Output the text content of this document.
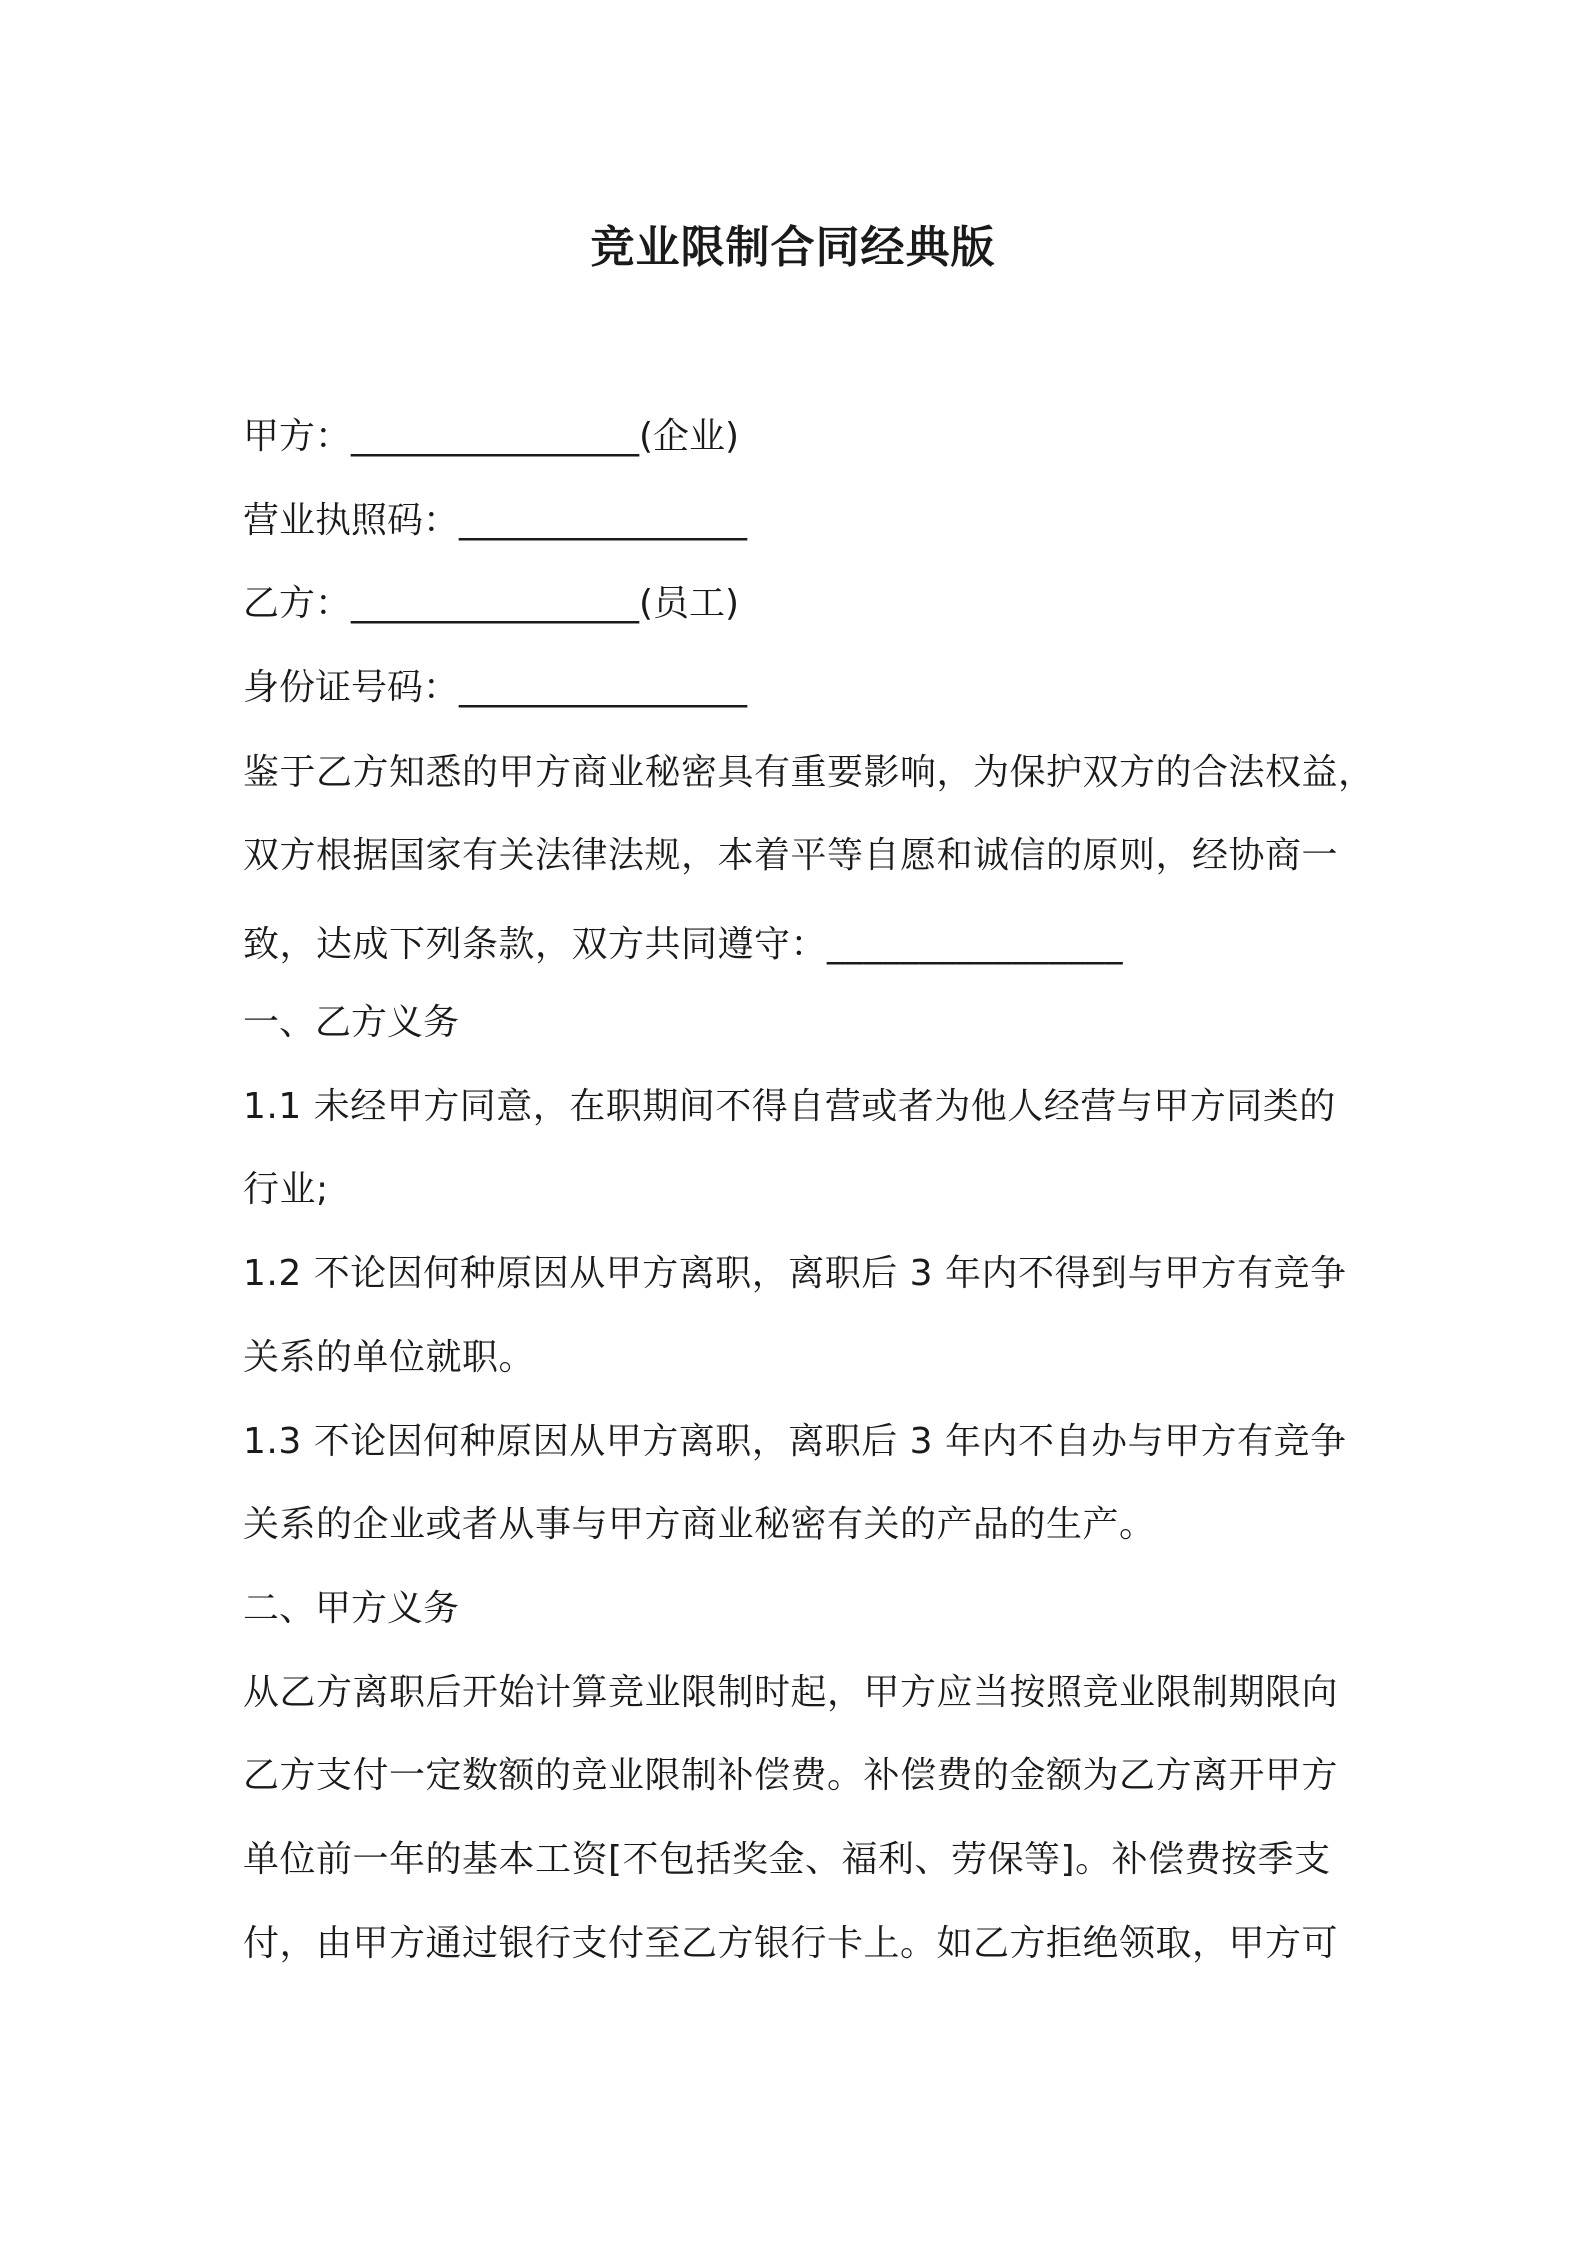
竞业限制合同经典版
甲方：________________(企业)
营业执照码：________________
乙方：________________(员工)
身份证号码：________________
鉴于乙方知悉的甲方商业秘密具有重要影响，为保护双方的合法权益，
双方根据国家有关法律法规，本着平等自愿和诚信的原则，经协商一
致，达成下列条款，双方共同遵守：________________
一、乙方义务
1.1 未经甲方同意，在职期间不得自营或者为他人经营与甲方同类的
行业;
1.2 不论因何种原因从甲方离职，离职后 3 年内不得到与甲方有竞争
关系的单位就职。
1.3 不论因何种原因从甲方离职，离职后 3 年内不自办与甲方有竞争
关系的企业或者从事与甲方商业秘密有关的产品的生产。
二、甲方义务
从乙方离职后开始计算竞业限制时起，甲方应当按照竞业限制期限向
乙方支付一定数额的竞业限制补偿费。补偿费的金额为乙方离开甲方
单位前一年的基本工资[不包括奖金、福利、劳保等]。补偿费按季支
付，由甲方通过银行支付至乙方银行卡上。如乙方拒绝领取，甲方可
